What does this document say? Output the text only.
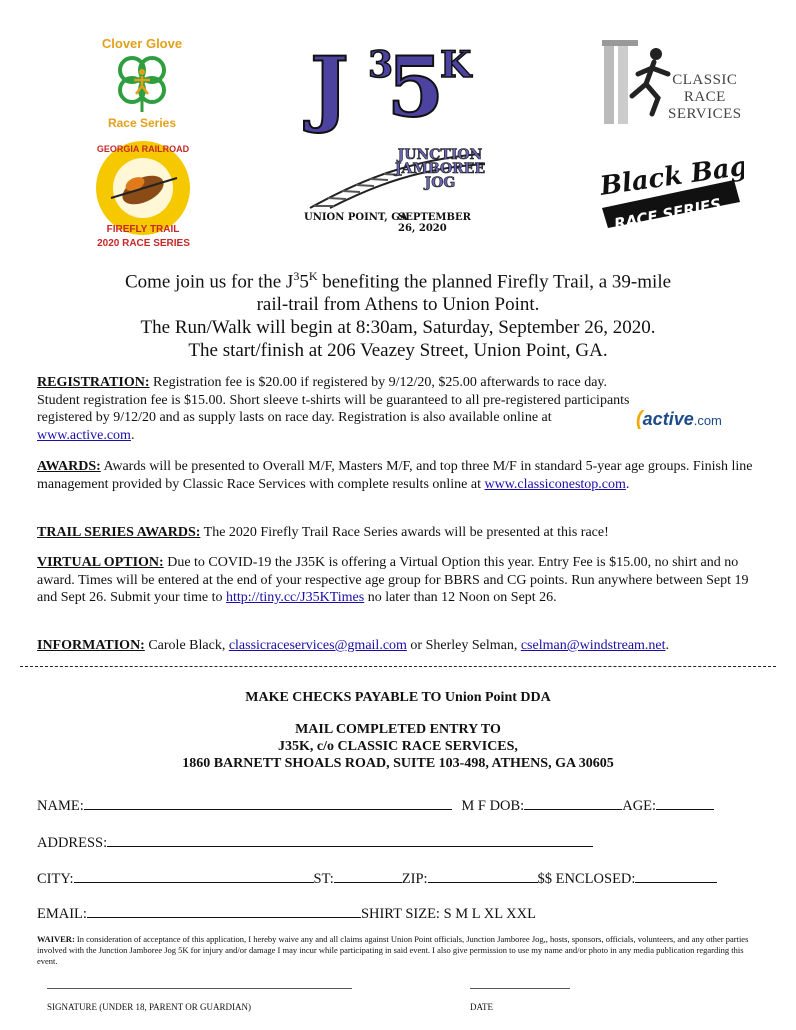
Clover Glove
Race Series
GEORGIA RAILROAD
FIREFLY TRAIL
2020 RACE SERIES
J 5
3 K
JUNCTION
JAMBOREE
JOG
UNION POINT, GA
SEPTEMBER 26, 2020
CLASSIC
RACE
SERVICES
Black Bag
RACE SERIES
Come join us for the $J^35^K$ benefiting the planned Firefly Trail, a 39-mile
rail-trail from Athens to Union Point.
The Run/Walk will begin at 8:30am, Saturday, September 26, 2020.
The start/finish at 206 Veazey Street, Union Point, GA.
REGISTRATION: Registration fee is $20.00 if registered by 9/12/20, $25.00 afterwards to race day. Student registration fee is $15.00. Short sleeve t-shirts will be guaranteed to all pre-registered participants registered by 9/12/20 and as supply lasts on race day. Registration is also available online at www.active.com.
(active.com
AWARDS: Awards will be presented to Overall M/F, Masters M/F, and top three M/F in standard 5-year age groups. Finish line management provided by Classic Race Services with complete results online at www.classiconestop.com.
TRAIL SERIES AWARDS: The 2020 Firefly Trail Race Series awards will be presented at this race!
VIRTUAL OPTION: Due to COVID-19 the J35K is offering a Virtual Option this year. Entry Fee is $15.00, no shirt and no award. Times will be entered at the end of your respective age group for BBRS and CG points. Run anywhere between Sept 19 and Sept 26. Submit your time to http://tiny.cc/J35KTimes no later than 12 Noon on Sept 26.
INFORMATION: Carole Black, classicraceservices@gmail.com or Sherley Selman, cselman@windstream.net.
MAKE CHECKS PAYABLE TO Union Point DDA
MAIL COMPLETED ENTRY TO
J35K, c/o CLASSIC RACE SERVICES,
1860 BARNETT SHOALS ROAD, SUITE 103-498, ATHENS, GA 30605
NAME:	M F DOB:	AGE:
ADDRESS:
CITY:	ST:	ZIP:	$$ ENCLOSED:
EMAIL:	SHIRT SIZE: S M L XL XXL
WAIVER: In consideration of acceptance of this application, I hereby waive any and all claims against Union Point officials, Junction Jamboree Jog,, hosts, sponsors, officials, volunteers, and any other parties involved with the Junction Jamboree Jog 5K for injury and/or damage I may incur while participating in said event. I also give permission to use my name and/or photo in any media publication regarding this event.
SIGNATURE (UNDER 18, PARENT OR GUARDIAN)	DATE
